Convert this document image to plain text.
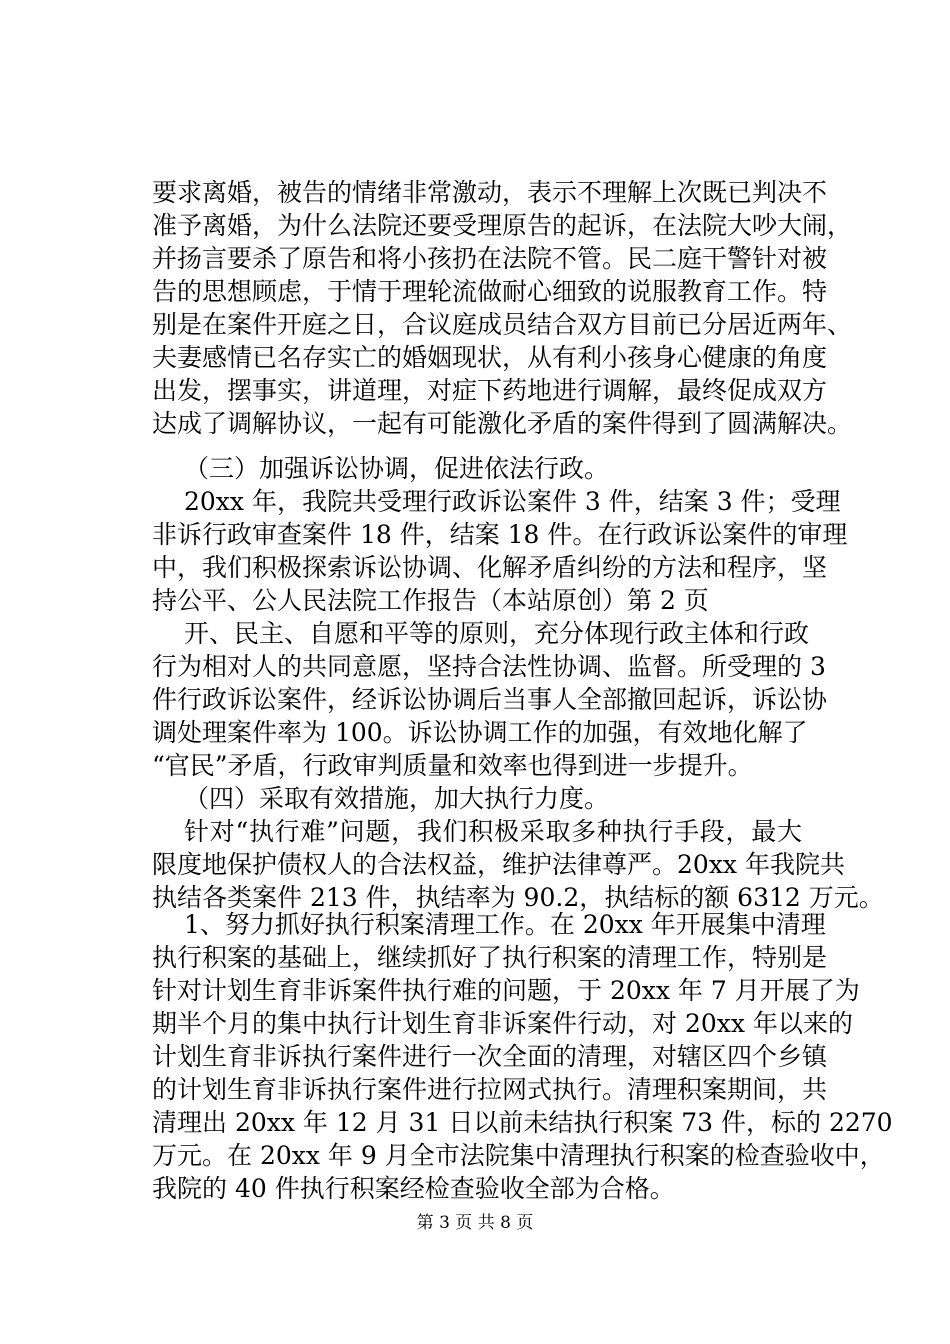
要求离婚，被告的情绪非常激动，表示不理解上次既已判决不
准予离婚，为什么法院还要受理原告的起诉，在法院大吵大闹，
并扬言要杀了原告和将小孩扔在法院不管。民二庭干警针对被
告的思想顾虑，于情于理轮流做耐心细致的说服教育工作。特
别是在案件开庭之日，合议庭成员结合双方目前已分居近两年、
夫妻感情已名存实亡的婚姻现状，从有利小孩身心健康的角度
出发，摆事实，讲道理，对症下药地进行调解，最终促成双方
达成了调解协议，一起有可能激化矛盾的案件得到了圆满解决。
（三）加强诉讼协调，促进依法行政。
20xx 年，我院共受理行政诉讼案件 3 件，结案 3 件；受理
非诉行政审查案件 18 件，结案 18 件。在行政诉讼案件的审理
中，我们积极探索诉讼协调、化解矛盾纠纷的方法和程序，坚
持公平、公人民法院工作报告（本站原创）第 2 页
开、民主、自愿和平等的原则，充分体现行政主体和行政
行为相对人的共同意愿，坚持合法性协调、监督。所受理的 3
件行政诉讼案件，经诉讼协调后当事人全部撤回起诉，诉讼协
调处理案件率为 100。诉讼协调工作的加强，有效地化解了
“官民”矛盾，行政审判质量和效率也得到进一步提升。
（四）采取有效措施，加大执行力度。
针对“执行难”问题，我们积极采取多种执行手段，最大
限度地保护债权人的合法权益，维护法律尊严。20xx 年我院共
执结各类案件 213 件，执结率为 90.2，执结标的额 6312 万元。
1、努力抓好执行积案清理工作。在 20xx 年开展集中清理
执行积案的基础上，继续抓好了执行积案的清理工作，特别是
针对计划生育非诉案件执行难的问题，于 20xx 年 7 月开展了为
期半个月的集中执行计划生育非诉案件行动，对 20xx 年以来的
计划生育非诉执行案件进行一次全面的清理，对辖区四个乡镇
的计划生育非诉执行案件进行拉网式执行。清理积案期间，共
清理出 20xx 年 12 月 31 日以前未结执行积案 73 件，标的 2270
万元。在 20xx 年 9 月全市法院集中清理执行积案的检查验收中，
我院的 40 件执行积案经检查验收全部为合格。
第 3 页 共 8 页
